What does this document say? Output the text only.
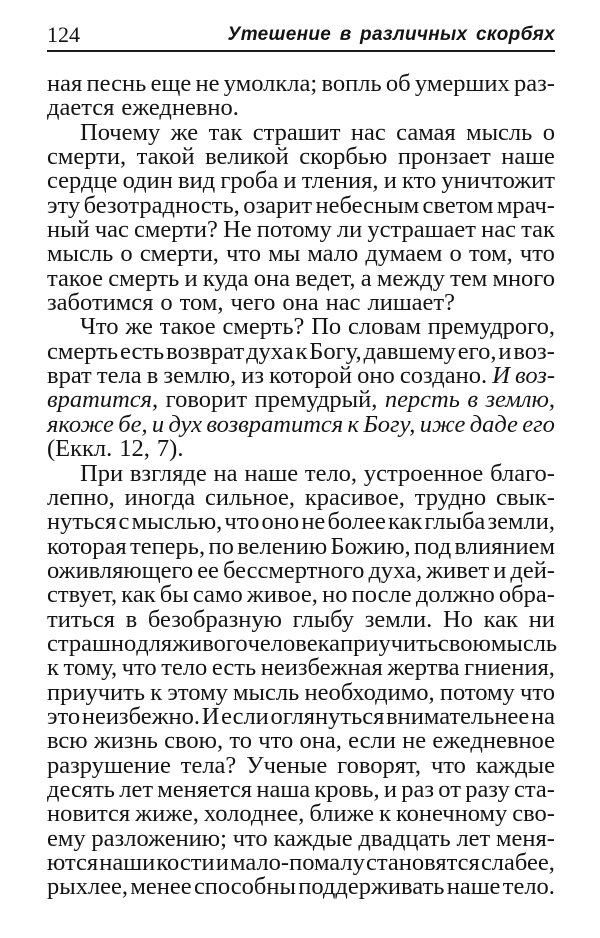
124	Утешение в различных скорбях
ная песнь еще не умолкла; вопль об умерших раз-
дается ежедневно.
Почему же так страшит нас самая мысль о
смерти, такой великой скорбью пронзает наше
сердце один вид гроба и тления, и кто уничтожит
эту безотрадность, озарит небесным светом мрач-
ный час смерти? Не потому ли устрашает нас так
мысль о смерти, что мы мало думаем о том, что
такое смерть и куда она ведет, а между тем много
заботимся о том, чего она нас лишает?
Что же такое смерть? По словам премудрого,
смерть есть возврат духа к Богу, давшему его, и воз-
врат тела в землю, из которой оно создано. И воз-
вратится, говорит премудрый, персть в землю,
якоже бе, и дух возвратится к Богу, иже даде его
(Еккл. 12, 7).
При взгляде на наше тело, устроенное благо-
лепно, иногда сильное, красивое, трудно свык-
нуться с мыслью, что оно не более как глыба земли,
которая теперь, по велению Божию, под влиянием
оживляющего ее бессмертного духа, живет и дей-
ствует, как бы само живое, но после должно обра-
титься в безобразную глыбу земли. Но как ни
страшно для живого человека приучить свою мысль
к тому, что тело есть неизбежная жертва гниения,
приучить к этому мысль необходимо, потому что
это неизбежно. И если оглянуться внимательнее на
всю жизнь свою, то что она, если не ежедневное
разрушение тела? Ученые говорят, что каждые
десять лет меняется наша кровь, и раз от разу ста-
новится жиже, холоднее, ближе к конечному сво-
ему разложению; что каждые двадцать лет меня-
ются наши кости и мало-помалу становятся слабее,
рыхлее, менее способны поддерживать наше тело.
